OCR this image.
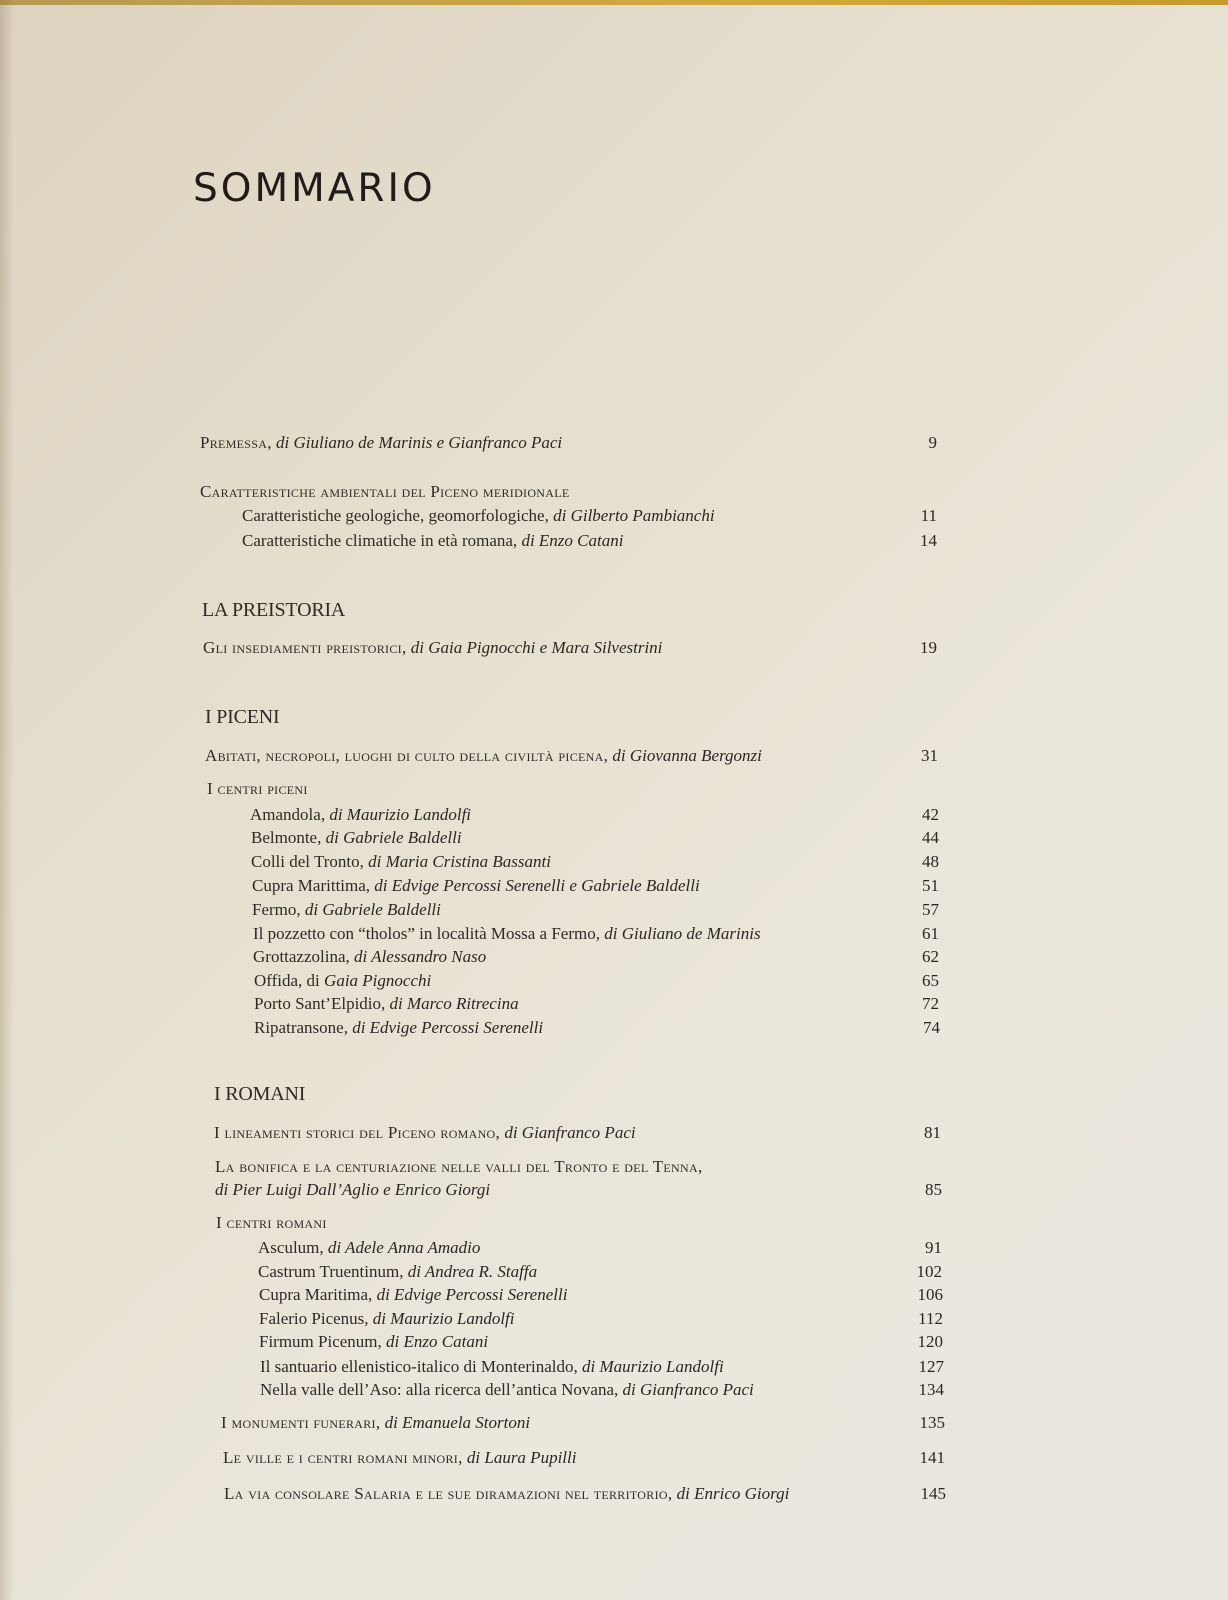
SOMMARIO
Premessa, di Giuliano de Marinis e Gianfranco Paci	9
Caratteristiche ambientali del Piceno meridionale
Caratteristiche geologiche, geomorfologiche, di Gilberto Pambianchi	11
Caratteristiche climatiche in età romana, di Enzo Catani	14
LA PREISTORIA
Gli insediamenti preistorici, di Gaia Pignocchi e Mara Silvestrini	19
I PICENI
Abitati, necropoli, luoghi di culto della civiltà picena, di Giovanna Bergonzi	31
I centri piceni
Amandola, di Maurizio Landolfi	42
Belmonte, di Gabriele Baldelli	44
Colli del Tronto, di Maria Cristina Bassanti	48
Cupra Marittima, di Edvige Percossi Serenelli e Gabriele Baldelli	51
Fermo, di Gabriele Baldelli	57
Il pozzetto con “tholos” in località Mossa a Fermo, di Giuliano de Marinis	61
Grottazzolina, di Alessandro Naso	62
Offida, di Gaia Pignocchi	65
Porto Sant’Elpidio, di Marco Ritrecina	72
Ripatransone, di Edvige Percossi Serenelli	74
I ROMANI
I lineamenti storici del Piceno romano, di Gianfranco Paci	81
La bonifica e la centuriazione nelle valli del Tronto e del Tenna,
di Pier Luigi Dall’Aglio e Enrico Giorgi	85
I centri romani
Asculum, di Adele Anna Amadio	91
Castrum Truentinum, di Andrea R. Staffa	102
Cupra Maritima, di Edvige Percossi Serenelli	106
Falerio Picenus, di Maurizio Landolfi	112
Firmum Picenum, di Enzo Catani	120
Il santuario ellenistico-italico di Monterinaldo, di Maurizio Landolfi	127
Nella valle dell’Aso: alla ricerca dell’antica Novana, di Gianfranco Paci	134
I monumenti funerari, di Emanuela Stortoni	135
Le ville e i centri romani minori, di Laura Pupilli	141
La via consolare Salaria e le sue diramazioni nel territorio, di Enrico Giorgi	145
